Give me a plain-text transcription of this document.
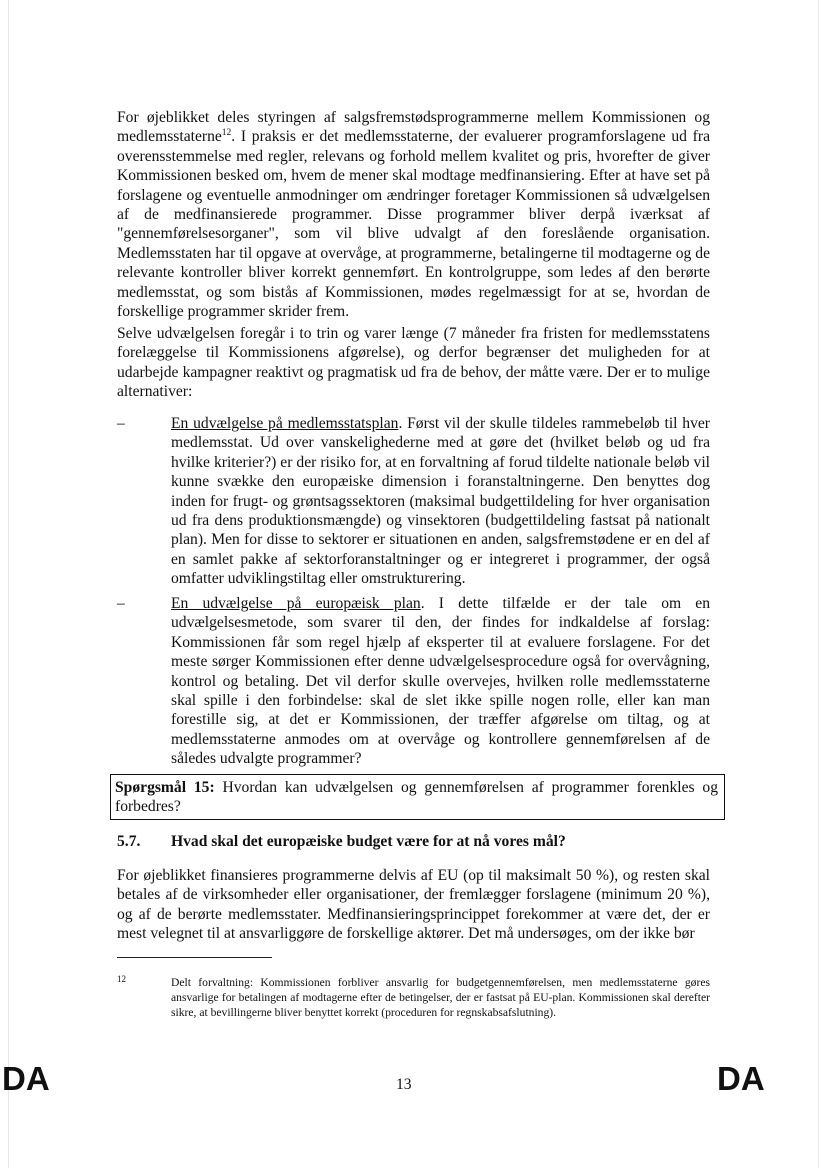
For øjeblikket deles styringen af salgsfremstødsprogrammerne mellem Kommissionen og medlemsstaterne$^{12}$. I praksis er det medlemsstaterne, der evaluerer programforslagene ud fra overensstemmelse med regler, relevans og forhold mellem kvalitet og pris, hvorefter de giver Kommissionen besked om, hvem de mener skal modtage medfinansiering. Efter at have set på forslagene og eventuelle anmodninger om ændringer foretager Kommissionen så udvælgelsen af de medfinansierede programmer. Disse programmer bliver derpå iværksat af "gennemførelsesorganer", som vil blive udvalgt af den foreslående organisation. Medlemsstaten har til opgave at overvåge, at programmerne, betalingerne til modtagerne og de relevante kontroller bliver korrekt gennemført. En kontrolgruppe, som ledes af den berørte medlemsstat, og som bistås af Kommissionen, mødes regelmæssigt for at se, hvordan de forskellige programmer skrider frem.

Selve udvælgelsen foregår i to trin og varer længe (7 måneder fra fristen for medlemsstatens forelæggelse til Kommissionens afgørelse), og derfor begrænser det muligheden for at udarbejde kampagner reaktivt og pragmatisk ud fra de behov, der måtte være. Der er to mulige alternativer:

–	En udvælgelse på medlemsstatsplan. Først vil der skulle tildeles rammebeløb til hver medlemsstat. Ud over vanskelighederne med at gøre det (hvilket beløb og ud fra hvilke kriterier?) er der risiko for, at en forvaltning af forud tildelte nationale beløb vil kunne svække den europæiske dimension i foranstaltningerne. Den benyttes dog inden for frugt- og grøntsagssektoren (maksimal budgettildeling for hver organisation ud fra dens produktionsmængde) og vinsektoren (budgettildeling fastsat på nationalt plan). Men for disse to sektorer er situationen en anden, salgsfremstødene er en del af en samlet pakke af sektorforanstaltninger og er integreret i programmer, der også omfatter udviklingstiltag eller omstrukturering.
–	En udvælgelse på europæisk plan. I dette tilfælde er der tale om en udvælgelsesmetode, som svarer til den, der findes for indkaldelse af forslag: Kommissionen får som regel hjælp af eksperter til at evaluere forslagene. For det meste sørger Kommissionen efter denne udvælgelsesprocedure også for overvågning, kontrol og betaling. Det vil derfor skulle overvejes, hvilken rolle medlemsstaterne skal spille i den forbindelse: skal de slet ikke spille nogen rolle, eller kan man forestille sig, at det er Kommissionen, der træffer afgørelse om tiltag, og at medlemsstaterne anmodes om at overvåge og kontrollere gennemførelsen af de således udvalgte programmer?
Spørgsmål 15: Hvordan kan udvælgelsen og gennemførelsen af programmer forenkles og forbedres?
5.7. Hvad skal det europæiske budget være for at nå vores mål?

For øjeblikket finansieres programmerne delvis af EU (op til maksimalt 50 %), og resten skal betales af de virksomheder eller organisationer, der fremlægger forslagene (minimum 20 %), og af de berørte medlemsstater. Medfinansieringsprincippet forekommer at være det, der er mest velegnet til at ansvarliggøre de forskellige aktører. Det må undersøges, om der ikke bør

12	Delt forvaltning: Kommissionen forbliver ansvarlig for budgetgennemførelsen, men medlemsstaterne gøres ansvarlige for betalingen af modtagerne efter de betingelser, der er fastsat på EU-plan. Kommissionen skal derefter sikre, at bevillingerne bliver benyttet korrekt (proceduren for regnskabsafslutning).
DA	13	DA
